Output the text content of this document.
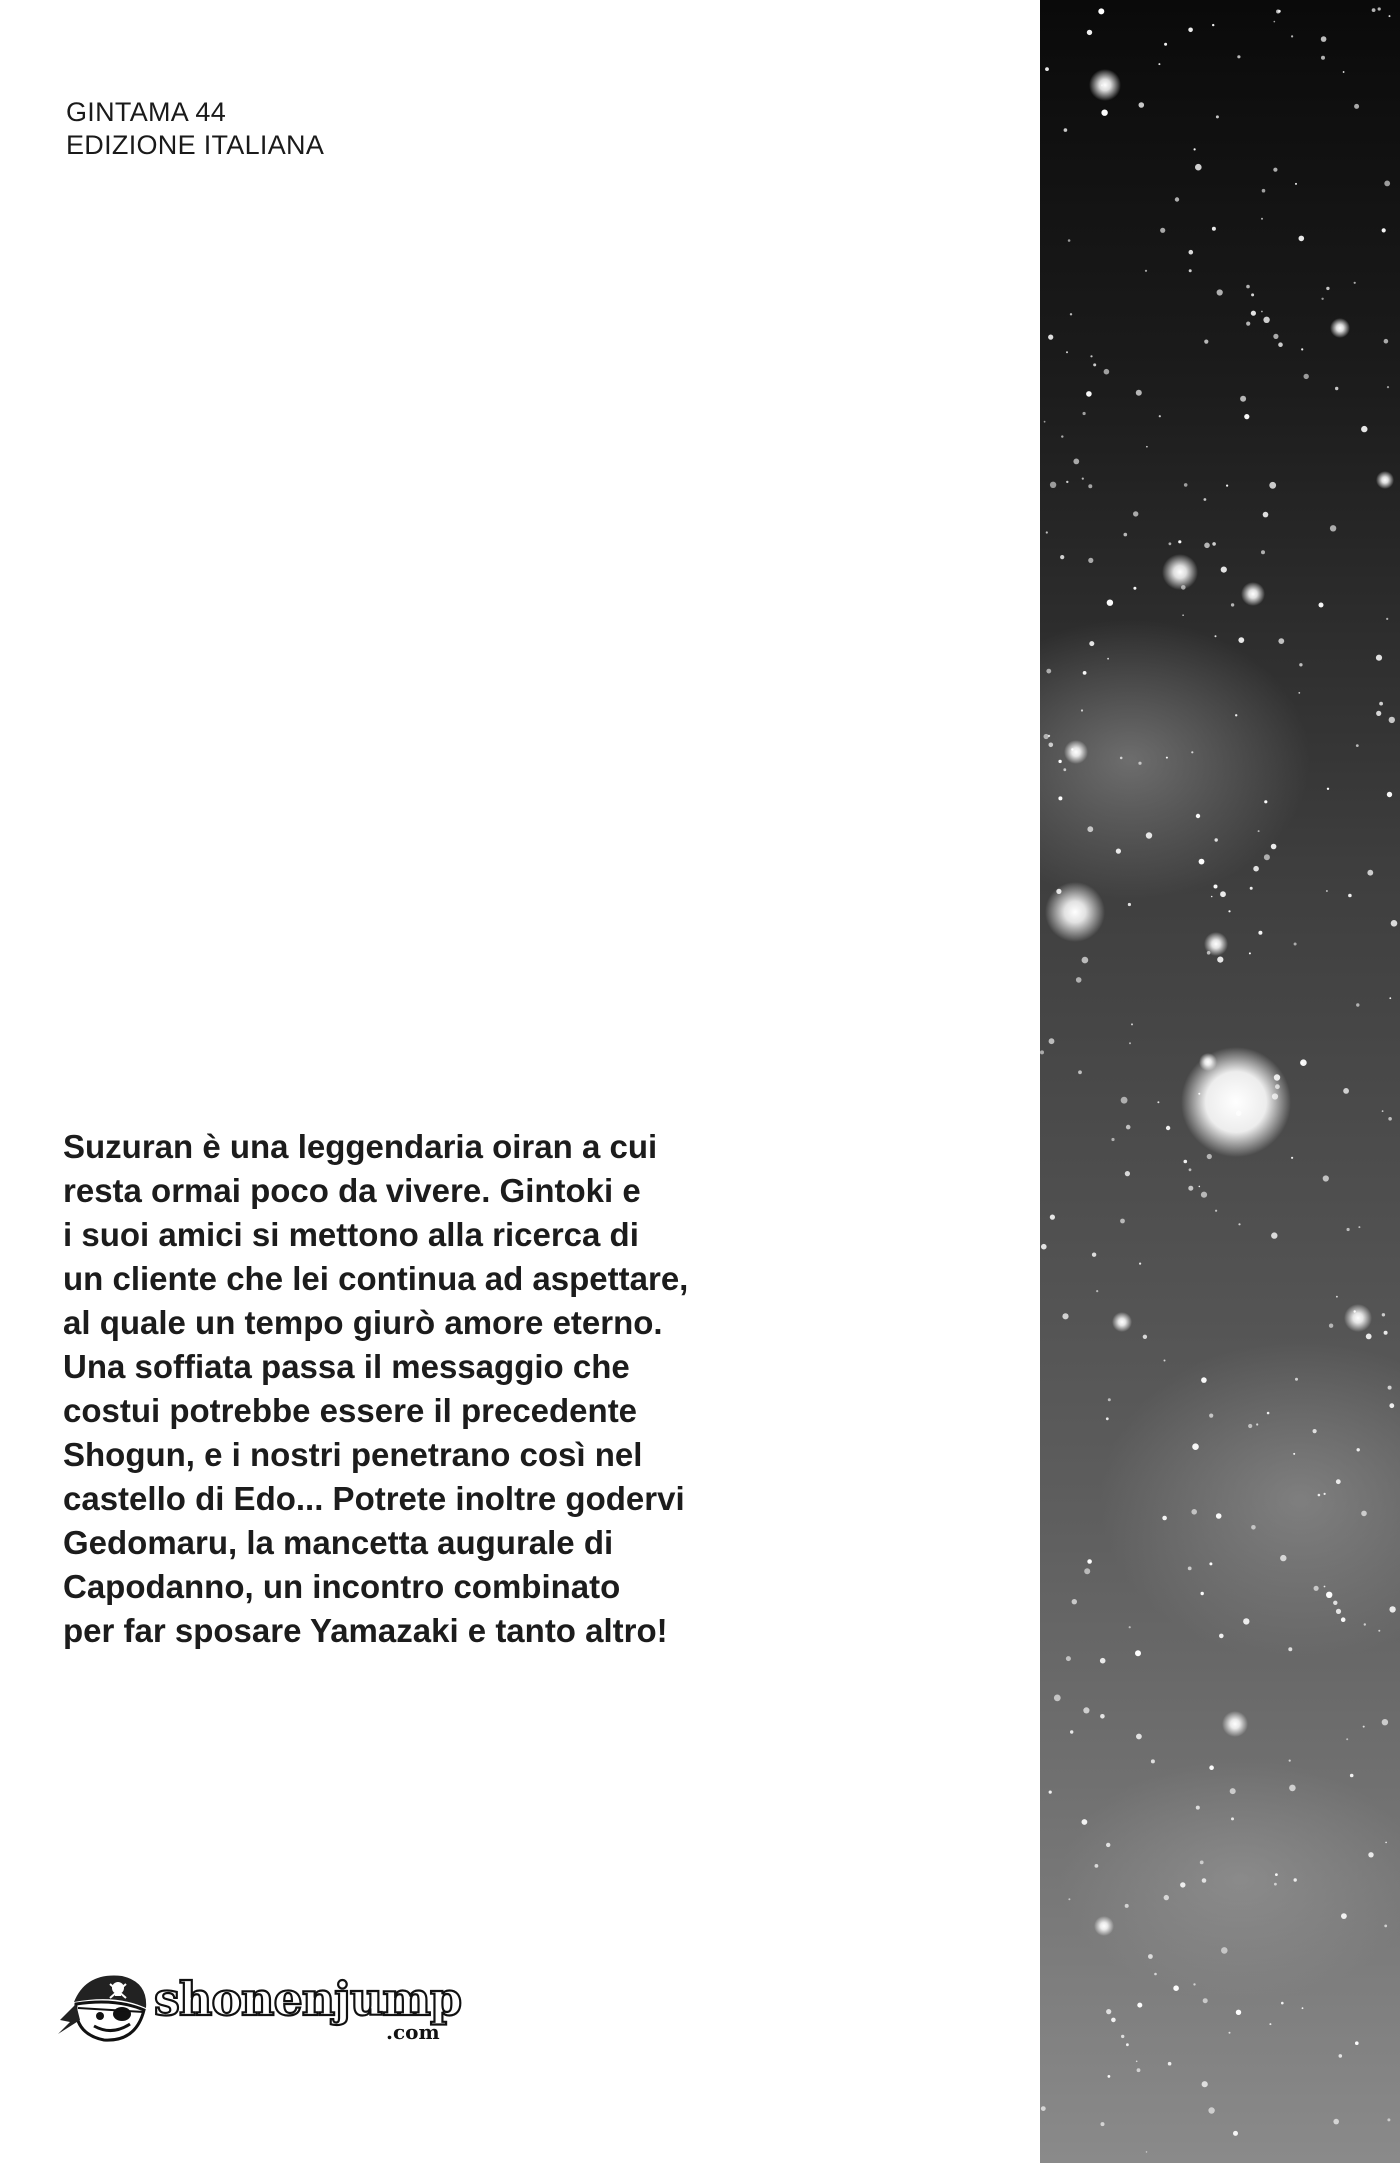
GINTAMA 44
EDIZIONE ITALIANA
Suzuran è una leggendaria oiran a cui
resta ormai poco da vivere. Gintoki e
i suoi amici si mettono alla ricerca di
un cliente che lei continua ad aspettare,
al quale un tempo giurò amore eterno.
Una soffiata passa il messaggio che
costui potrebbe essere il precedente
Shogun, e i nostri penetrano così nel
castello di Edo... Potrete inoltre godervi
Gedomaru, la mancetta augurale di
Capodanno, un incontro combinato
per far sposare Yamazaki e tanto altro!
shonenjump
.com
